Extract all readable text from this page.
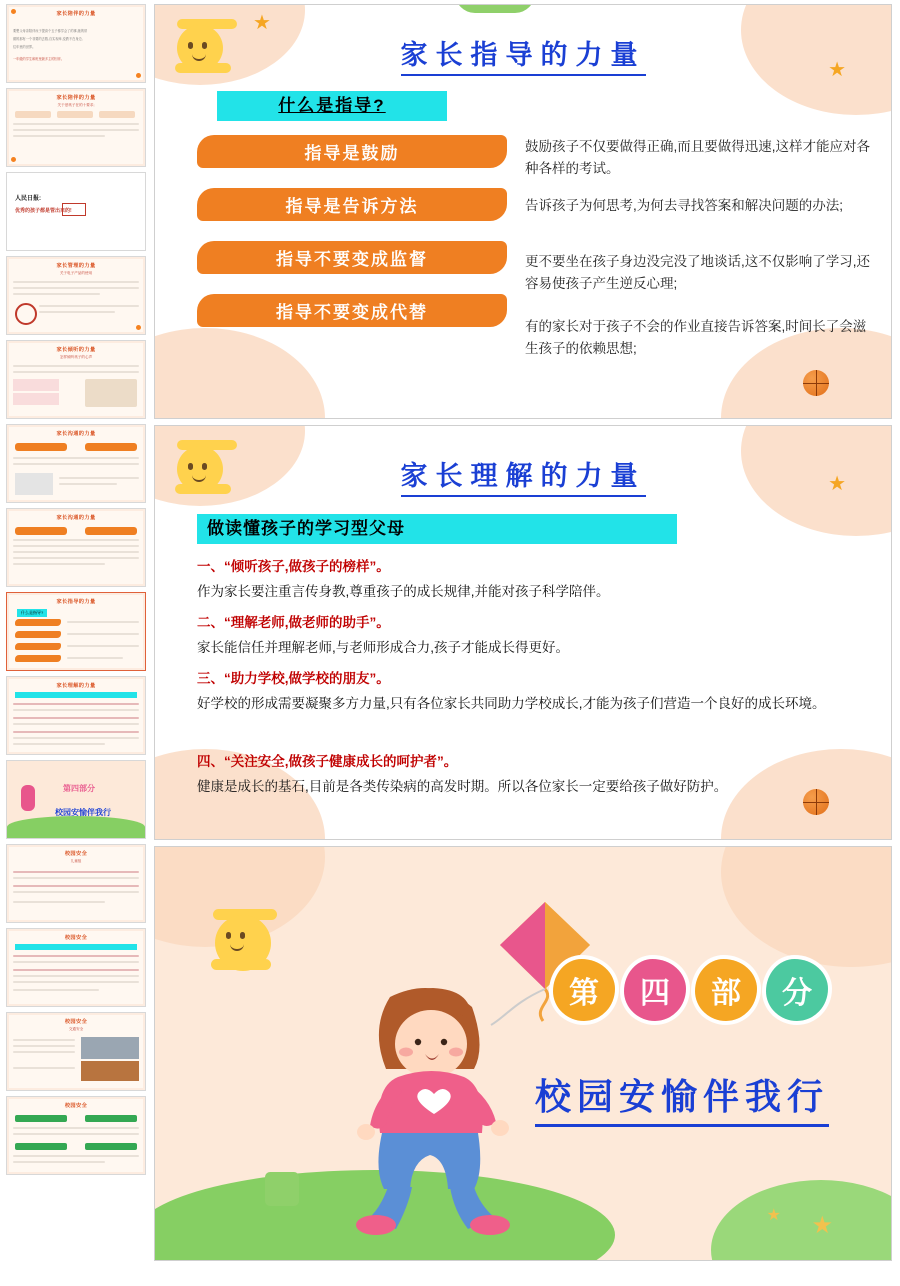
家长陪伴的力量
要想父母亲陪伴孩子提高个五子都学会了的事,她的常
做的那有一个非要的去数,自实现举,变教不在身边,
往年里的世界。
一年级的学生和班里最多主的因伴。
家长陪伴的力量
关于爱孩子在的十要求;
人民日报:
优秀的孩子都是管出来的!
家长管理的力量
关于电子产品的使用
家长倾听的力量
怎样倾听孩子的心声
家长沟通的力量
家长沟通的力量
家长指导的力量
什么是指导?
家长理解的力量
第四部分
校园安愉伴我行
校园安全
儿童组
校园安全
校园安全
交通安全
校园安全
★
★
家长指导的力量
什么是指导?
指导是鼓励
指导是告诉方法
指导不要变成监督
指导不要变成代替
鼓励孩子不仅要做得正确,而且要做得迅速,这样才能应对各种各样的考试。
告诉孩子为何思考,为何去寻找答案和解决问题的办法;
更不要坐在孩子身边没完没了地谈话,这不仅影响了学习,还容易使孩子产生逆反心理;
有的家长对于孩子不会的作业直接告诉答案,时间长了会滋生孩子的依赖思想;
★
家长理解的力量
做读懂孩子的学习型父母
一、“倾听孩子,做孩子的榜样”。
作为家长要注重言传身教,尊重孩子的成长规律,并能对孩子科学陪伴。
二、“理解老师,做老师的助手”。
家长能信任并理解老师,与老师形成合力,孩子才能成长得更好。
三、“助力学校,做学校的朋友”。
好学校的形成需要凝聚多方力量,只有各位家长共同助力学校成长,才能为孩子们营造一个良好的成长环境。
四、“关注安全,做孩子健康成长的呵护者”。
健康是成长的基石,目前是各类传染病的高发时期。所以各位家长一定要给孩子做好防护。
★
★
第	四	部	分
校园安愉伴我行
